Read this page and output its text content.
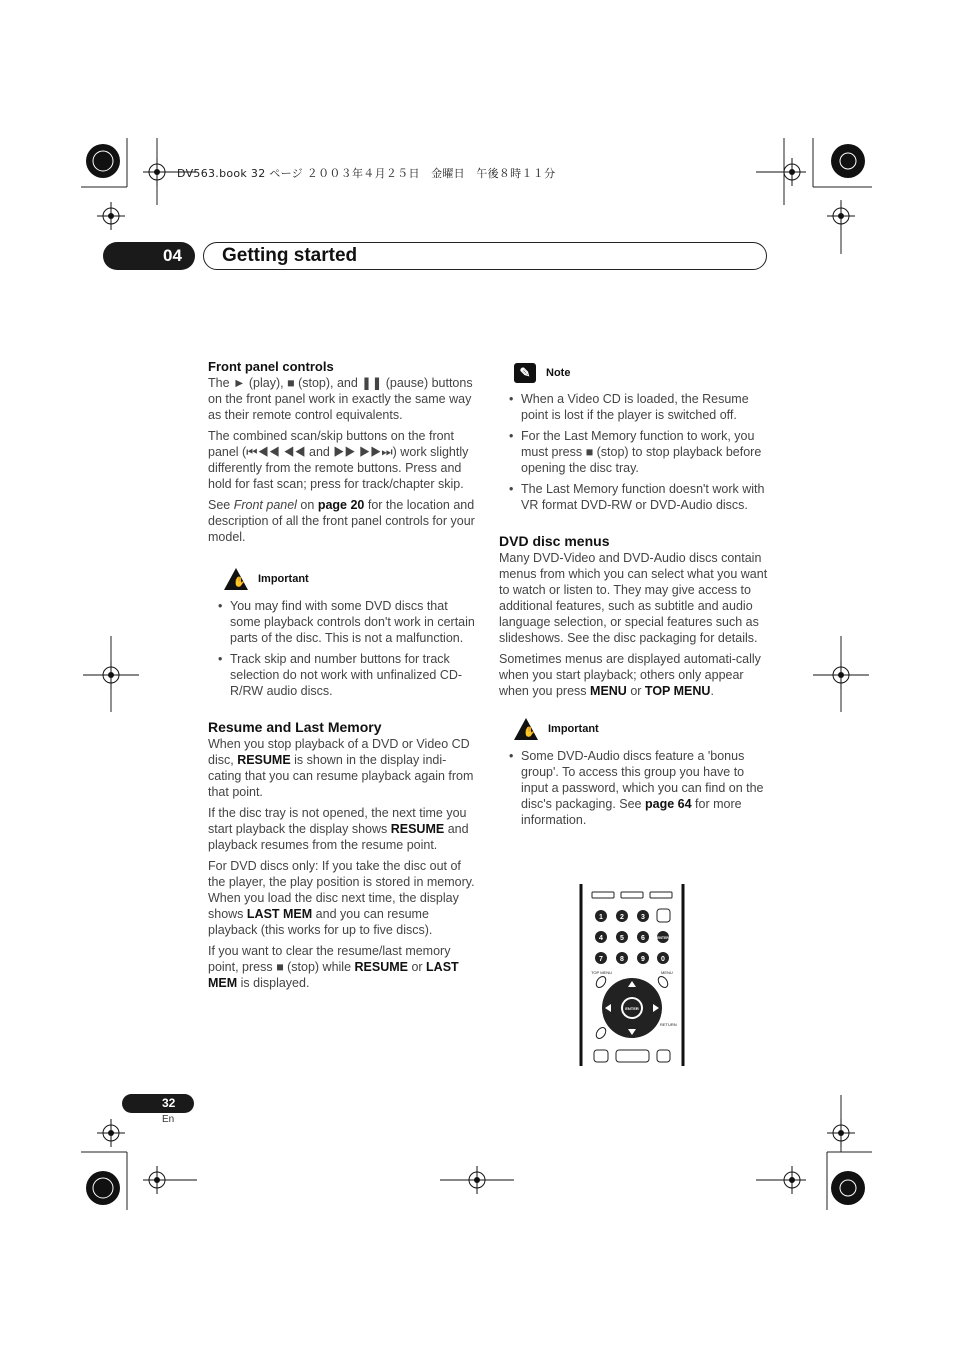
DV563.book 32 ページ ２００３年４月２５日　金曜日　午後８時１１分
04	Getting started
Front panel controls

The ► (play), ■ (stop), and ❚❚ (pause) buttons on the front panel work in exactly the same way as their remote control equivalents.

The combined scan/skip buttons on the front panel (⏮◀◀ ◀◀ and ▶▶ ▶▶⏭) work slightly differently from the remote buttons. Press and hold for fast scan; press for track/chapter skip.

See Front panel on page 20 for the location and description of all the front panel controls for your model.

✋ Important
• You may find with some DVD discs that some playback controls don't work in certain parts of the disc. This is not a malfunction.
• Track skip and number buttons for track selection do not work with unfinalized CD-R/RW audio discs.
Resume and Last Memory

When you stop playback of a DVD or Video CD disc, RESUME is shown in the display indi-cating that you can resume playback again from that point.

If the disc tray is not opened, the next time you start playback the display shows RESUME and playback resumes from the resume point.

For DVD discs only: If you take the disc out of the player, the play position is stored in memory. When you load the disc next time, the display shows LAST MEM and you can resume playback (this works for up to five discs).

If you want to clear the resume/last memory point, press ■ (stop) while RESUME or LAST MEM is displayed.

✎	Note
• When a Video CD is loaded, the Resume point is lost if the player is switched off.
• For the Last Memory function to work, you must press ■ (stop) to stop playback before opening the disc tray.
• The Last Memory function doesn't work with VR format DVD-RW or DVD-Audio discs.
DVD disc menus

Many DVD-Video and DVD-Audio discs contain menus from which you can select what you want to watch or listen to. They may give access to additional features, such as subtitle and audio language selection, or special features such as slideshows. See the disc packaging for details.

Sometimes menus are displayed automati-cally when you start playback; others only appear when you press MENU or TOP MENU.

✋ Important
• Some DVD-Audio discs feature a 'bonus group'. To access this group you have to input a password, which you can find on the disc's packaging. See page 64 for more information.
1 2 3
4 5 6	ENTER
7 8 9 0
TOP MENU	MENU
ENTER
RETURN
32
En
